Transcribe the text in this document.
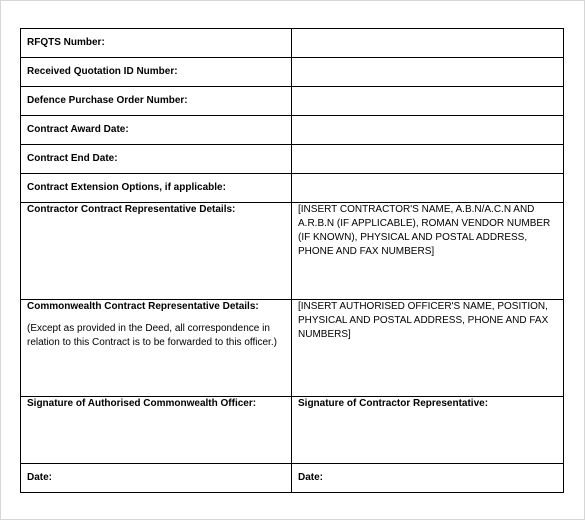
RFQTS Number:	
Received Quotation ID Number:	
Defence Purchase Order Number:	
Contract Award Date:	
Contract End Date:	
Contract Extension Options, if applicable:	
Contractor Contract Representative Details:	[INSERT CONTRACTOR'S NAME, A.B.N/A.C.N AND A.R.B.N (IF APPLICABLE), ROMAN VENDOR NUMBER (IF KNOWN), PHYSICAL AND POSTAL ADDRESS, PHONE AND FAX NUMBERS]

Commonwealth Contract Representative Details:
(Except as provided in the Deed, all correspondence in relation to this Contract is to be forwarded to this officer.)	[INSERT AUTHORISED OFFICER'S NAME, POSITION, PHYSICAL AND POSTAL ADDRESS, PHONE AND FAX NUMBERS]
Signature of Authorised Commonwealth Officer:	Signature of Contractor Representative:
Date:	Date:
